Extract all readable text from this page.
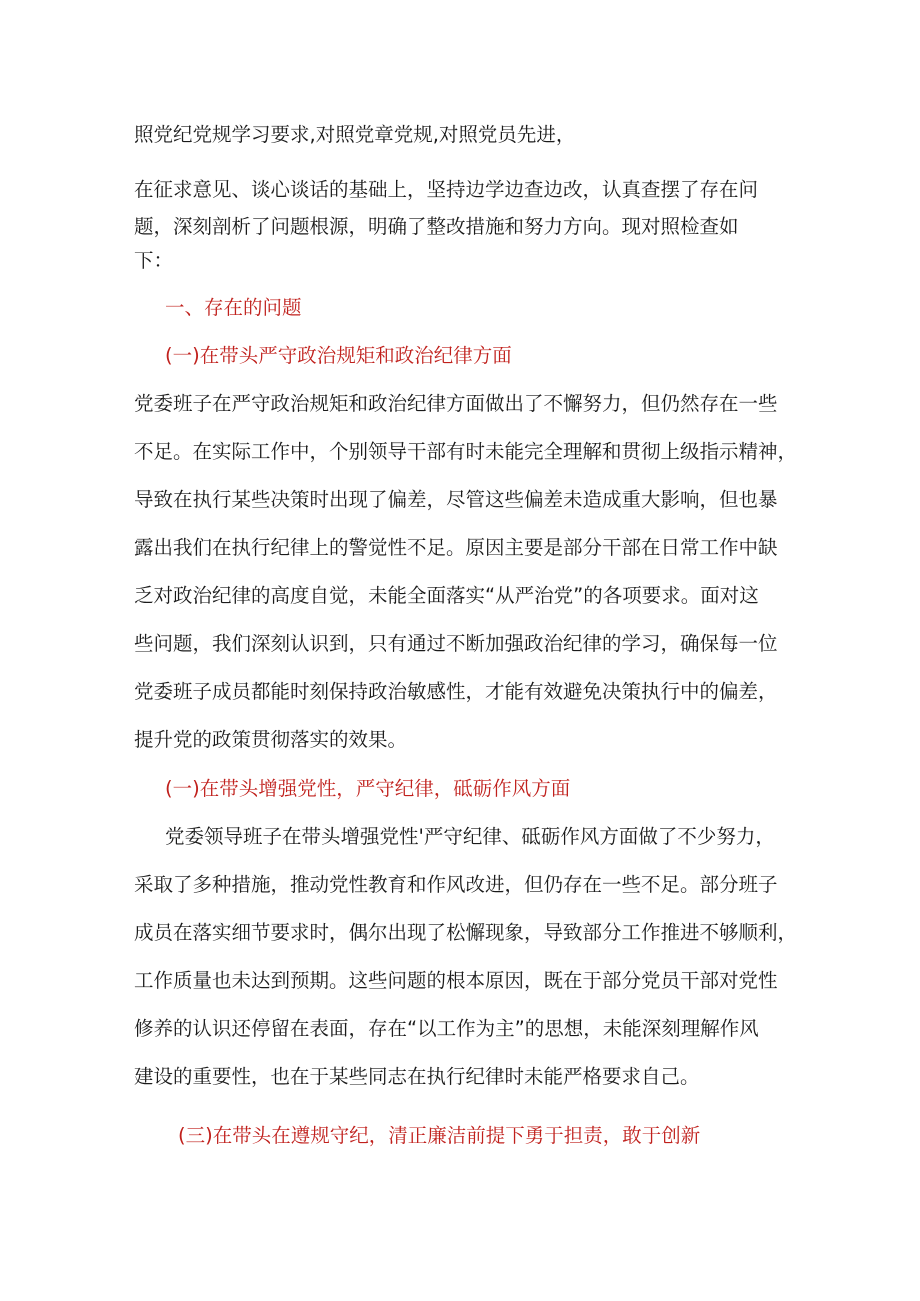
照党纪党规学习要求,对照党章党规,对照党员先进，
在征求意见、谈心谈话的基础上，坚持边学边查边改，认真查摆了存在问
题，深刻剖析了问题根源，明确了整改措施和努力方向。现对照检查如
下：
一、存在的问题
(一)在带头严守政治规矩和政治纪律方面
党委班子在严守政治规矩和政治纪律方面做出了不懈努力，但仍然存在一些
不足。在实际工作中，个别领导干部有时未能完全理解和贯彻上级指示精神，
导致在执行某些决策时出现了偏差，尽管这些偏差未造成重大影响，但也暴
露出我们在执行纪律上的警觉性不足。原因主要是部分干部在日常工作中缺
乏对政治纪律的高度自觉，未能全面落实“从严治党”的各项要求。面对这
些问题，我们深刻认识到，只有通过不断加强政治纪律的学习，确保每一位
党委班子成员都能时刻保持政治敏感性，才能有效避免决策执行中的偏差，
提升党的政策贯彻落实的效果。
(一)在带头增强党性，严守纪律，砥砺作风方面
党委领导班子在带头增强党性'严守纪律、砥砺作风方面做了不少努力，
采取了多种措施，推动党性教育和作风改进，但仍存在一些不足。部分班子
成员在落实细节要求时，偶尔出现了松懈现象，导致部分工作推进不够顺利，
工作质量也未达到预期。这些问题的根本原因，既在于部分党员干部对党性
修养的认识还停留在表面，存在“以工作为主”的思想，未能深刻理解作风
建设的重要性，也在于某些同志在执行纪律时未能严格要求自己。
(三)在带头在遵规守纪，清正廉洁前提下勇于担责，敢于创新
